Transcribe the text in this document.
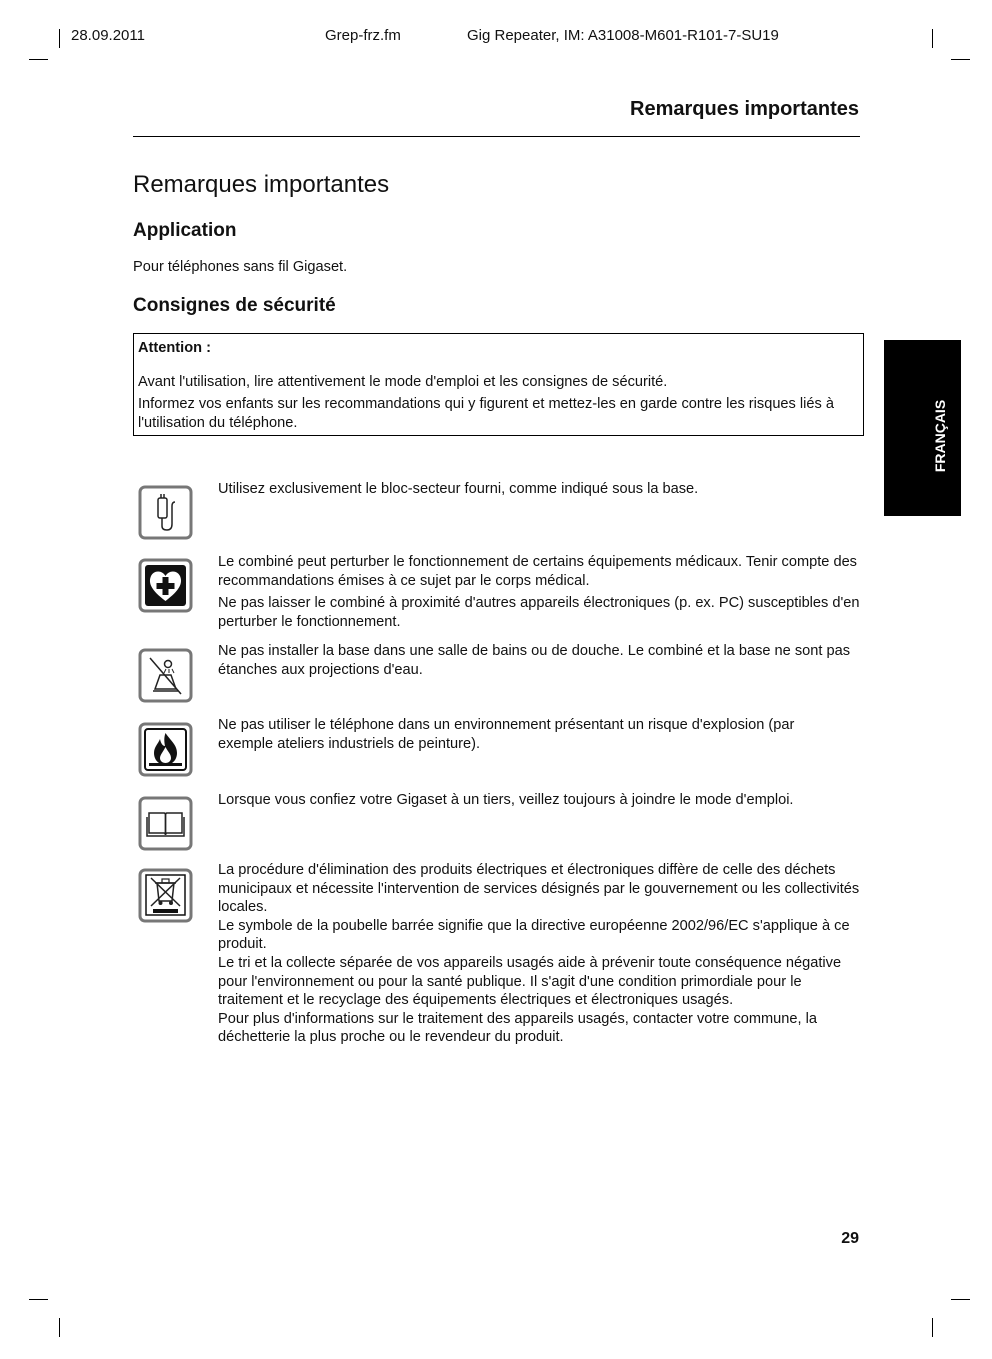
28.09.2011	Grep-frz.fm	Gig Repeater, IM: A31008-M601-R101-7-SU19
Remarques importantes
Remarques importantes
Application
Pour téléphones sans fil Gigaset.
Consignes de sécurité

Attention :

Avant l'utilisation, lire attentivement le mode d'emploi et les consignes de sécurité.

Informez vos enfants sur les recommandations qui y figurent et mettez-les en garde contre les risques liés à l'utilisation du téléphone.	FRANÇAIS

Utilisez exclusivement le bloc-secteur fourni, comme indiqué sous la base.

Le combiné peut perturber le fonctionnement de certains équipements médicaux. Tenir compte des recommandations émises à ce sujet par le corps médical.

Ne pas laisser le combiné à proximité d'autres appareils électroniques (p. ex. PC) susceptibles d'en perturber le fonctionnement.

Ne pas installer la base dans une salle de bains ou de douche. Le combiné et la base ne sont pas étanches aux projections d'eau.

Ne pas utiliser le téléphone dans un environnement présentant un risque d'explosion (par exemple ateliers industriels de peinture).

Lorsque vous confiez votre Gigaset à un tiers, veillez toujours à joindre le mode d'emploi.

La procédure d'élimination des produits électriques et électroniques diffère de celle des déchets municipaux et nécessite l'intervention de services désignés par le gouvernement ou les collectivités locales.

Le symbole de la poubelle barrée signifie que la directive européenne 2002/96/EC s'applique à ce produit.

Le tri et la collecte séparée de vos appareils usagés aide à prévenir toute conséquence négative pour l'environnement ou pour la santé publique. Il s'agit d'une condition primordiale pour le traitement et le recyclage des équipements électriques et électroniques usagés.

Pour plus d'informations sur le traitement des appareils usagés, contacter votre commune, la déchetterie la plus proche ou le revendeur du produit.

29
